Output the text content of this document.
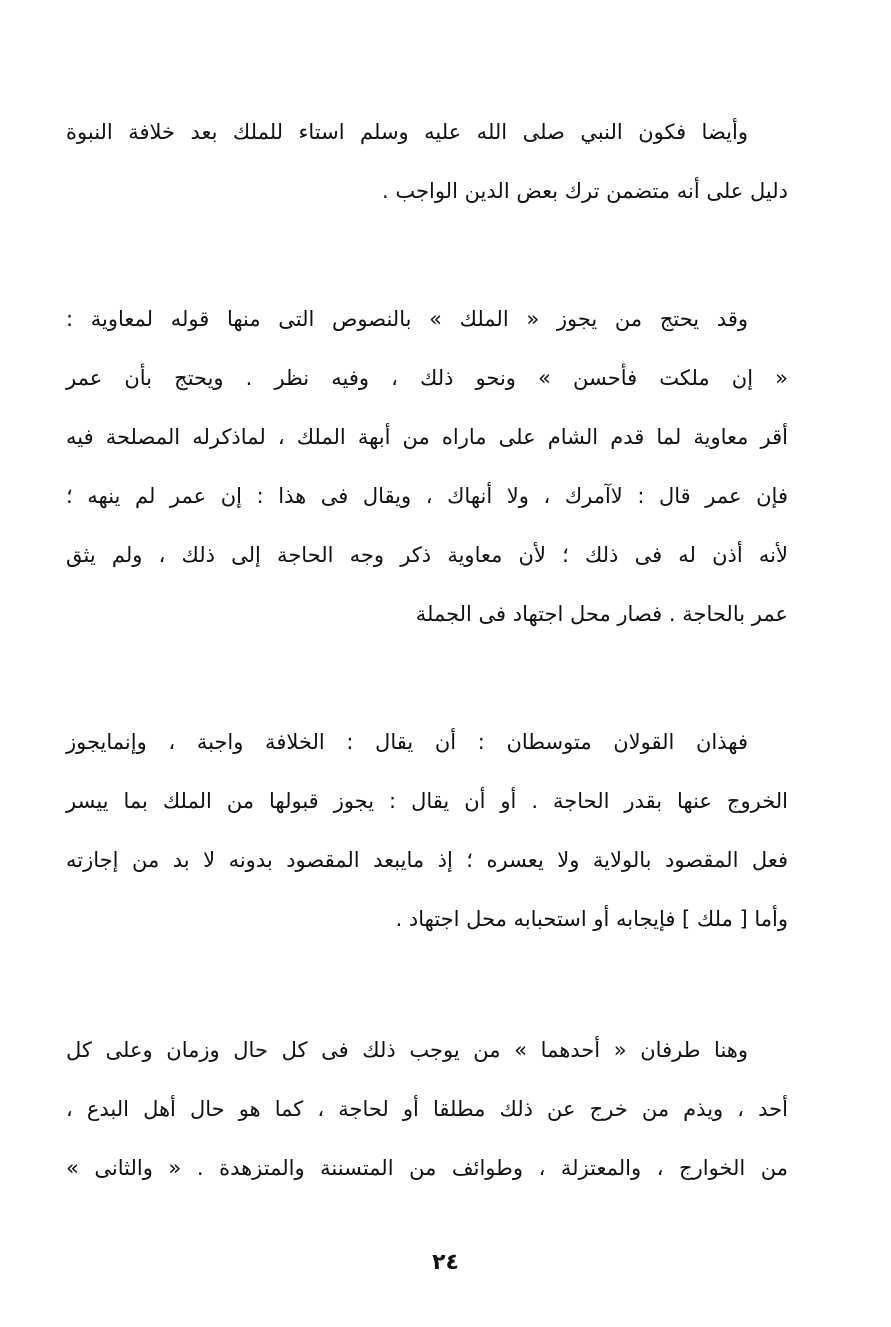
وأيضا فكون النبي صلى الله عليه وسلم استاء للملك بعد خلافة النبوة
دليل على أنه متضمن ترك بعض الدين الواجب .
وقد يحتج من يجوز « الملك » بالنصوص التى منها قوله لمعاوية :
« إن ملكت فأحسن » ونحو ذلك ، وفيه نظر . ويحتج بأن عمر
أقر معاوية لما قدم الشام على ماراه من أبهة الملك ، لماذكرله المصلحة فيه
فإن عمر قال : لاآمرك ، ولا أنهاك ، ويقال فى هذا : إن عمر لم ينهه ؛
لأنه أذن له فى ذلك ؛ لأن معاوية ذكر وجه الحاجة إلى ذلك ، ولم يثق
عمر بالحاجة . فصار محل اجتهاد فى الجملة
فهذان القولان متوسطان : أن يقال : الخلافة واجبة ، وإنمايجوز
الخروج عنها بقدر الحاجة . أو أن يقال : يجوز قبولها من الملك بما ييسر
فعل المقصود بالولاية ولا يعسره ؛ إذ مايبعد المقصود بدونه لا بد من إجازته
وأما [ ملك ] فإيجابه أو استحبابه محل اجتهاد .
وهنا طرفان « أحدهما » من يوجب ذلك فى كل حال وزمان وعلى كل
أحد ، ويذم من خرج عن ذلك مطلقا أو لحاجة ، كما هو حال أهل البدع ،
من الخوارج ، والمعتزلة ، وطوائف من المتسننة والمتزهدة . « والثانى »
٢٤
